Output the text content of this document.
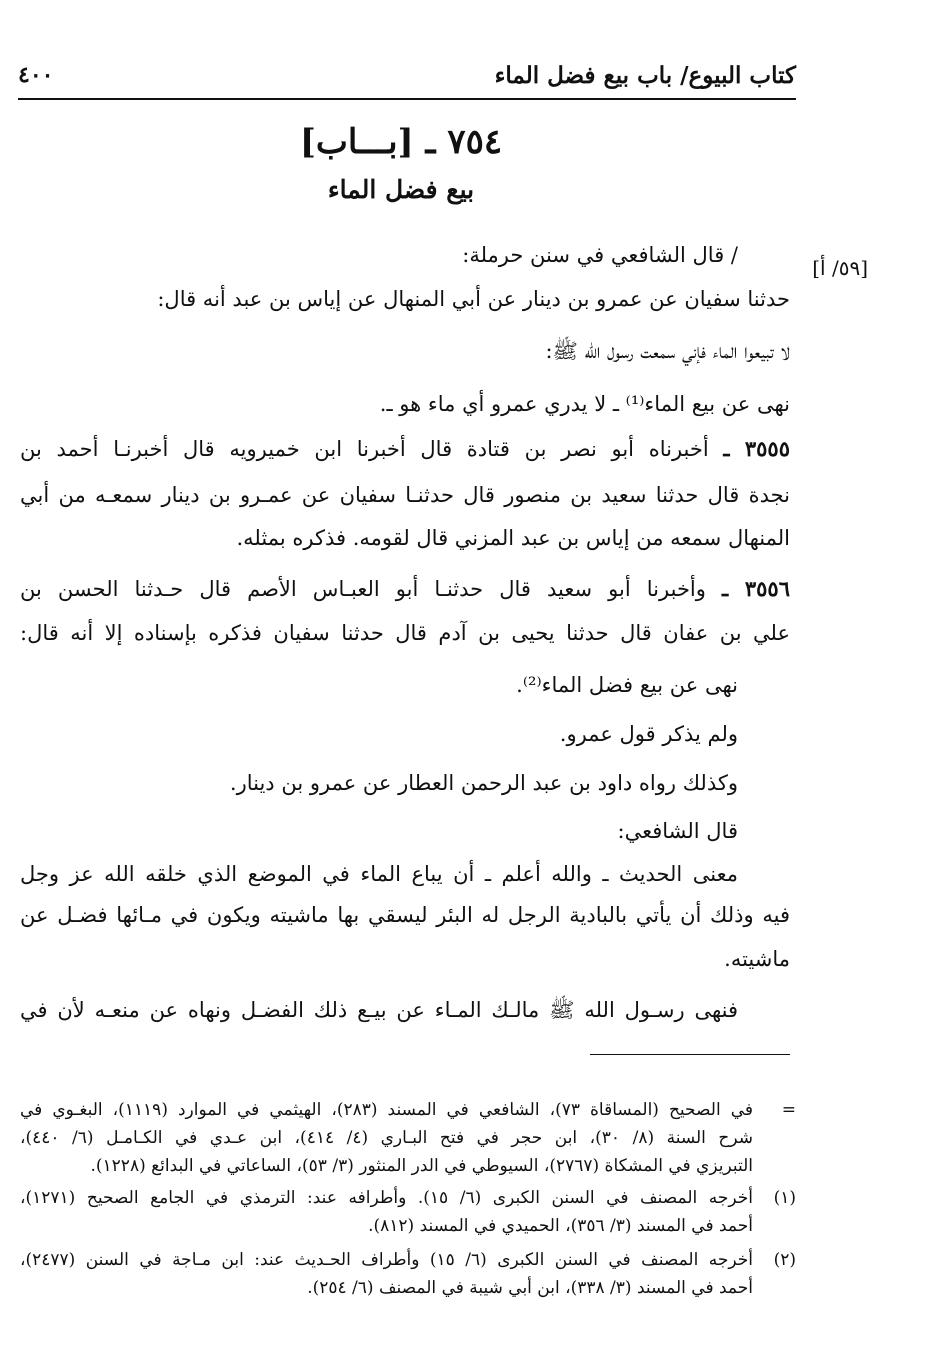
كتاب البيوع/ باب بيع فضل الماء
٤٠٠
٧٥٤ ـ [بـــاب]
بيع فضل الماء
[٥٩/ أ]
/ قال الشافعي في سنن حرملة:
حدثنا سفيان عن عمرو بن دينار عن أبي المنهال عن إياس بن عبد أنه قال:
لا تبيعوا الماء فإني سمعت رسول الله ﷺ:
نهى عن بيع الماء⁽¹⁾ ـ لا يدري عمرو أي ماء هو ـ.
٣٥٥٥ ـ أخبرناه أبو نصر بن قتادة قال أخبرنا ابن خميرويه قال أخبرنـا أحمد بن
نجدة قال حدثنا سعيد بن منصور قال حدثنـا سفيان عن عمـرو بن دينار سمعـه من أبي
المنهال سمعه من إياس بن عبد المزني قال لقومه. فذكره بمثله.
٣٥٥٦ ـ وأخبرنا أبو سعيد قال حدثنـا أبو العبـاس الأصم قال حـدثنا الحسن بن
علي بن عفان قال حدثنا يحيى بن آدم قال حدثنا سفيان فذكره بإسناده إلا أنه قال:
نهى عن بيع فضل الماء⁽²⁾.
ولم يذكر قول عمرو.
وكذلك رواه داود بن عبد الرحمن العطار عن عمرو بن دينار.
قال الشافعي:
معنى الحديث ـ والله أعلم ـ أن يباع الماء في الموضع الذي خلقه الله عز وجل
فيه وذلك أن يأتي بالبادية الرجل له البئر ليسقي بها ماشيته ويكون في مـائها فضـل عن
ماشيته.
فنهى رسـول الله ﷺ مالـك المـاء عن بيـع ذلك الفضـل ونهاه عن منعـه لأن في
=
في الصحيح (المساقاة ٧٣)، الشافعي في المسند (٢٨٣)، الهيثمي في الموارد (١١١٩)، البغـوي في
شرح السنة (٨/ ٣٠)، ابن حجر في فتح البـاري (٤/ ٤١٤)، ابن عـدي في الكـامـل (٦/ ٤٤٠)،
التبريزي في المشكاة (٢٧٦٧)، السيوطي في الدر المنثور (٣/ ٥٣)، الساعاتي في البدائع (١٢٢٨).
(١)
أخرجه المصنف في السنن الكبرى (٦/ ١٥). وأطرافه عند: الترمذي في الجامع الصحيح (١٢٧١)،
أحمد في المسند (٣/ ٣٥٦)، الحميدي في المسند (٨١٢).
(٢)
أخرجه المصنف في السنن الكبرى (٦/ ١٥) وأطراف الحـديث عند: ابن مـاجة في السنن (٢٤٧٧)،
أحمد في المسند (٣/ ٣٣٨)، ابن أبي شيبة في المصنف (٦/ ٢٥٤).
